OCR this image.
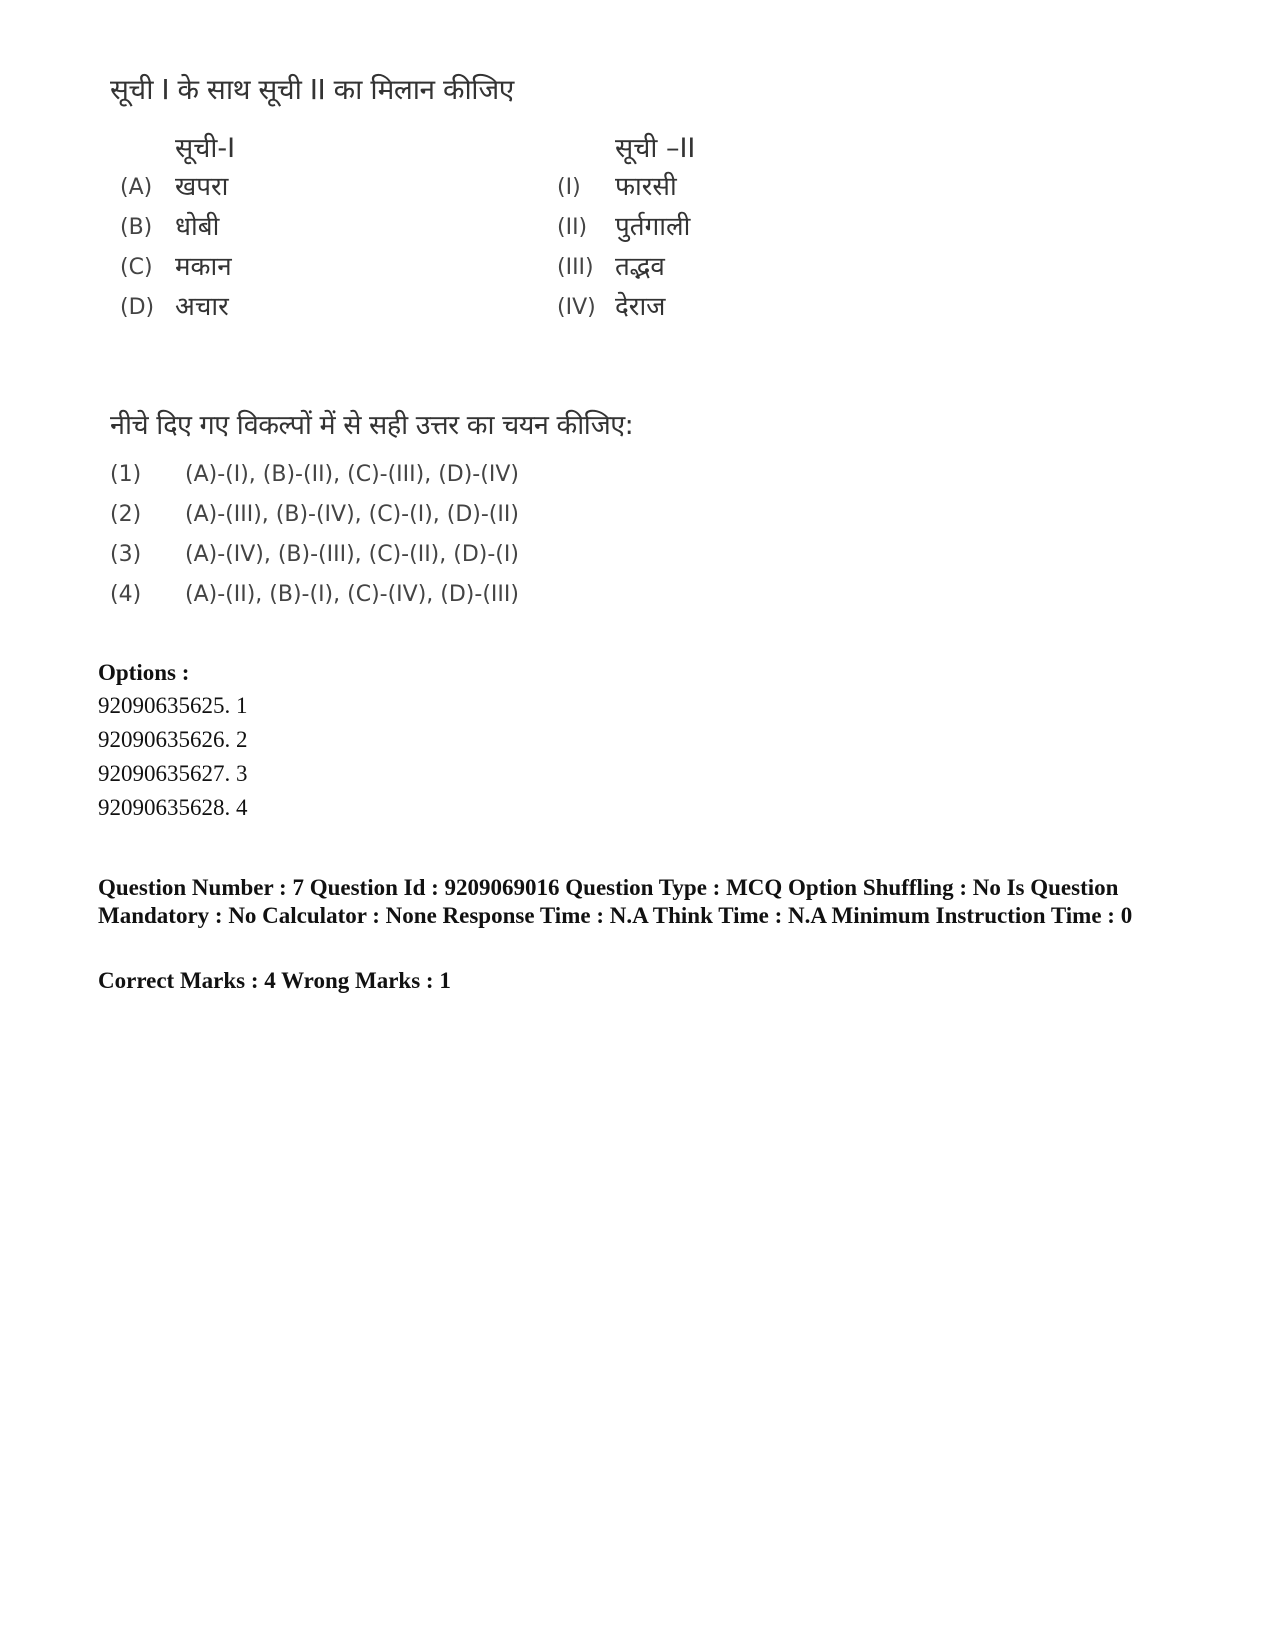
सूची I के साथ सूची II का मिलान कीजिए
सूची-I	सूची –II
(A) खपरा
(B) धोबी
(C) मकान
(D) अचार
(I) फारसी
(II) पुर्तगाली
(III) तद्भव
(IV) देराज
नीचे दिए गए विकल्पों में से सही उत्तर का चयन कीजिए:
(1) (A)-(I), (B)-(II), (C)-(III), (D)-(IV)
(2) (A)-(III), (B)-(IV), (C)-(I), (D)-(II)
(3) (A)-(IV), (B)-(III), (C)-(II), (D)-(I)
(4) (A)-(II), (B)-(I), (C)-(IV), (D)-(III)
Options :
92090635625. 1
92090635626. 2
92090635627. 3
92090635628. 4
Question Number : 7 Question Id : 9209069016 Question Type : MCQ Option Shuffling : No Is Question Mandatory : No Calculator : None Response Time : N.A Think Time : N.A Minimum Instruction Time : 0
Correct Marks : 4 Wrong Marks : 1
